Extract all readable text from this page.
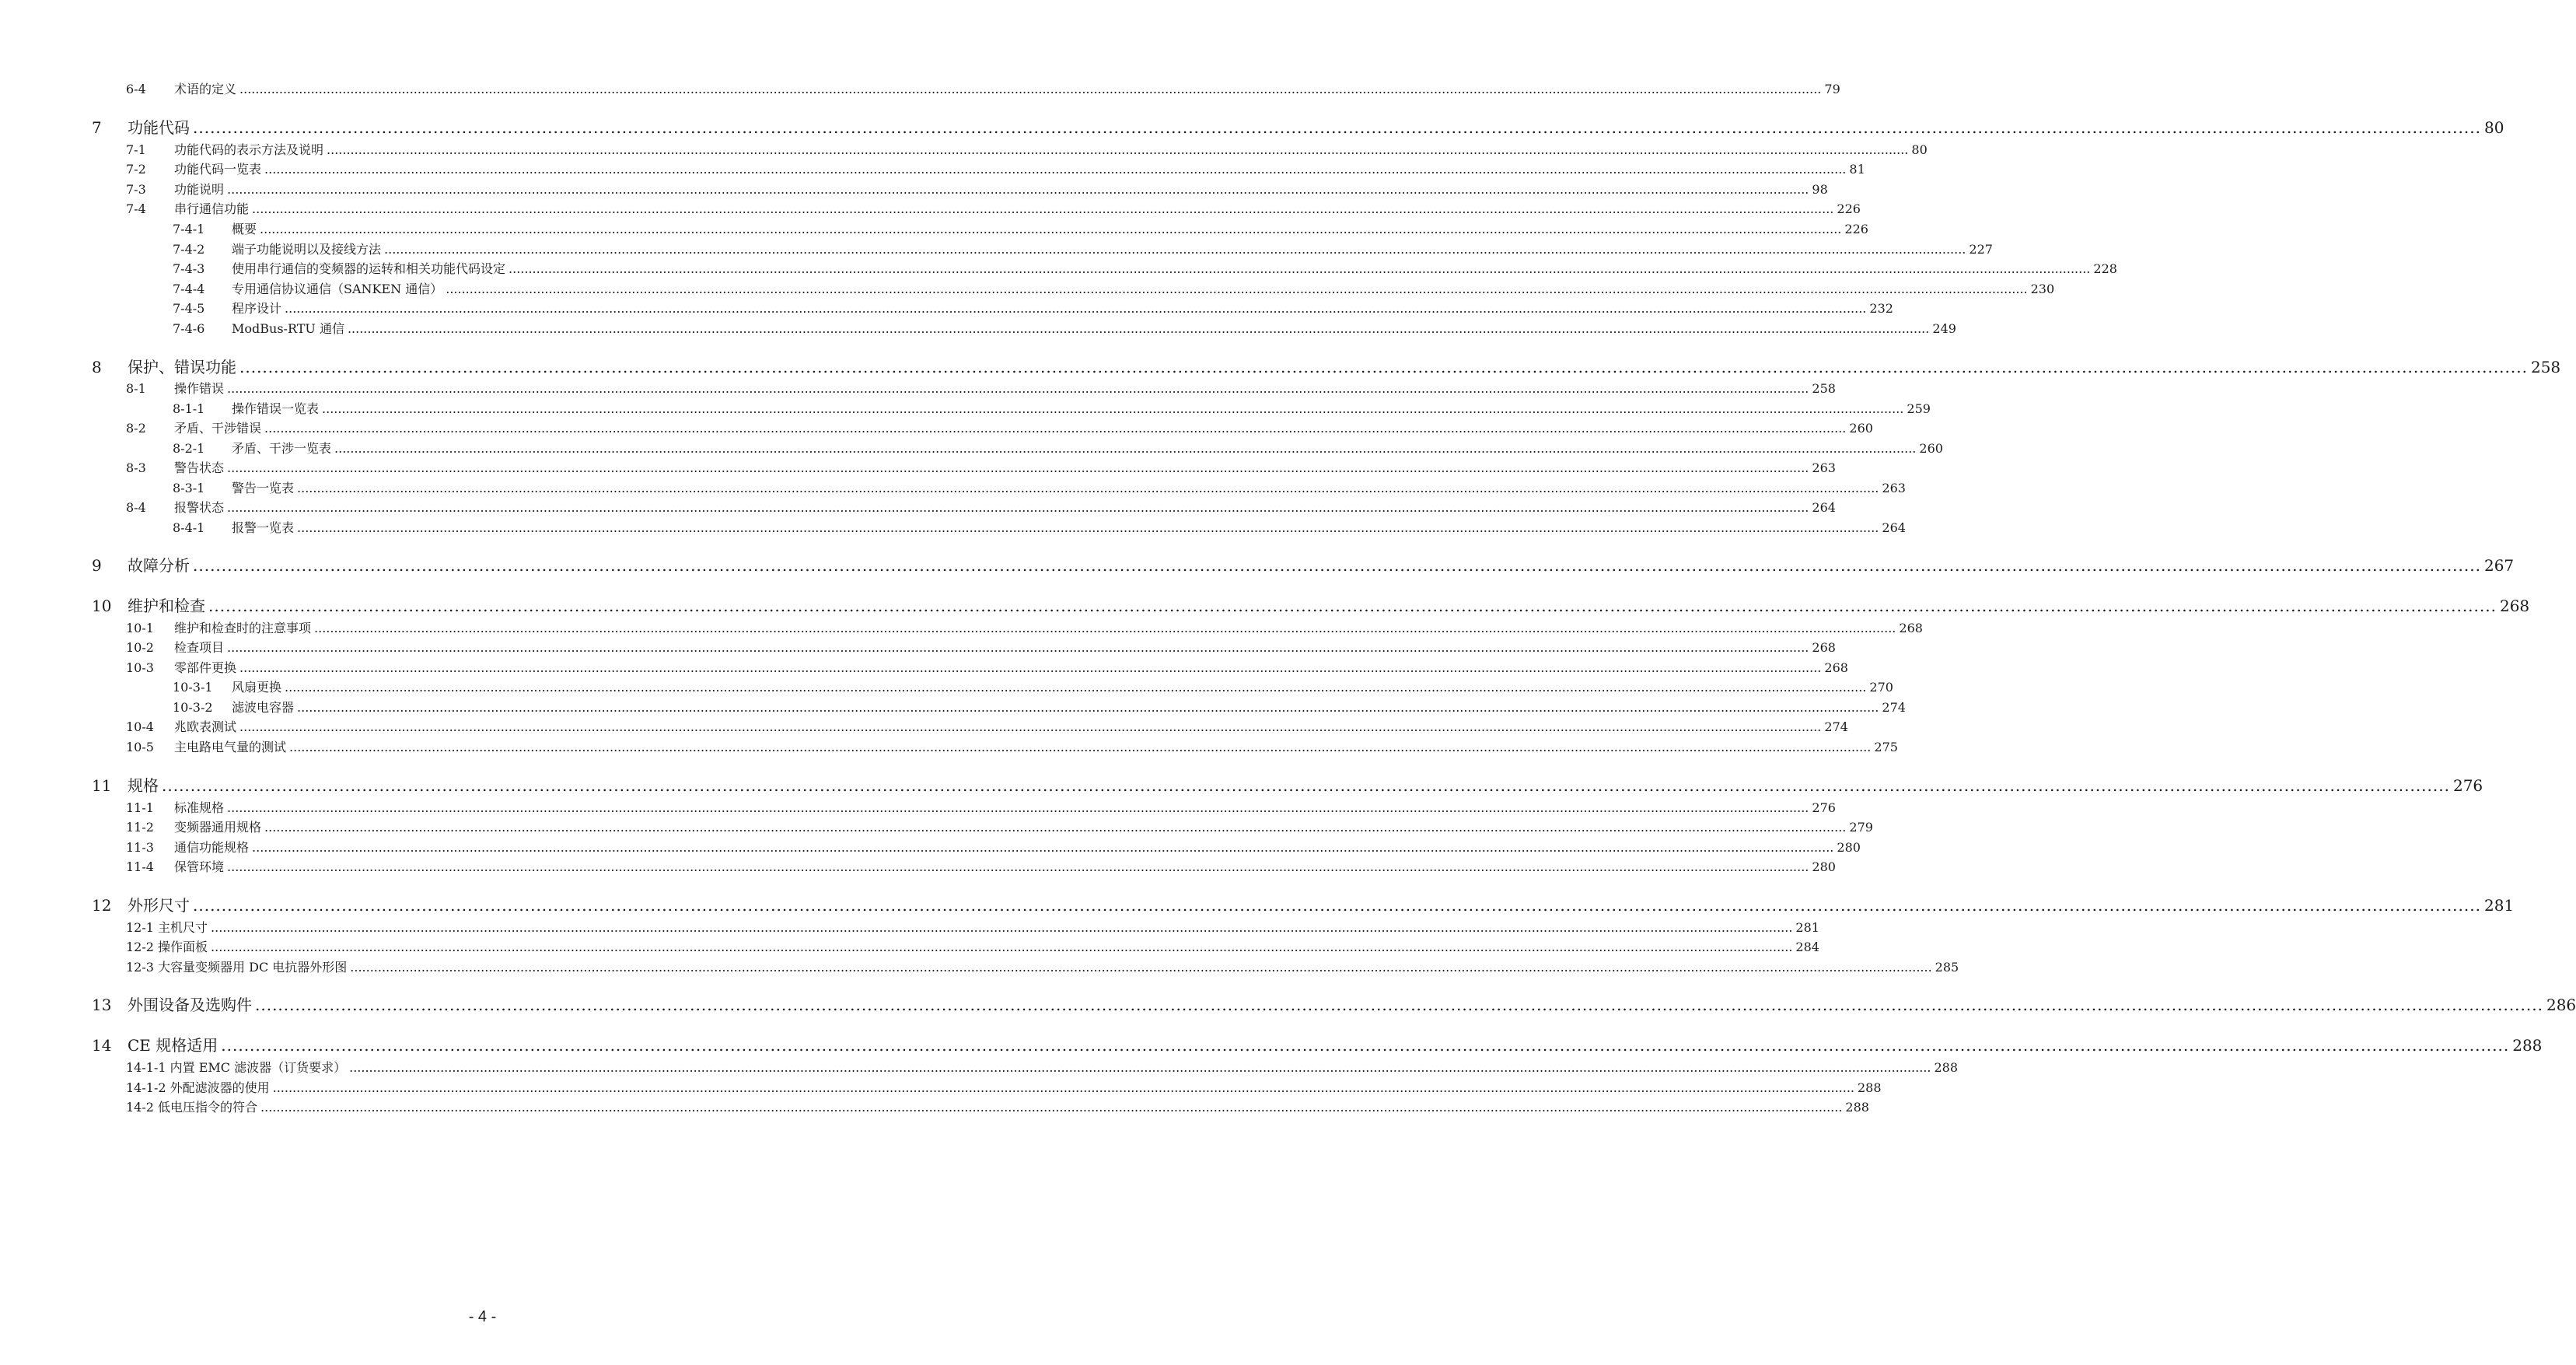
6-4	术语的定义 ................................................................................................................................................................................................................................................................................................................................................................................................................ 79
7	功能代码 ................................................................................................................................................................................................................................................................................................................................................................................................................ 80
7-1	功能代码的表示方法及说明 ................................................................................................................................................................................................................................................................................................................................................................................................................ 80
7-2	功能代码一览表 ................................................................................................................................................................................................................................................................................................................................................................................................................ 81
7-3	功能说明 ................................................................................................................................................................................................................................................................................................................................................................................................................ 98
7-4	串行通信功能 ................................................................................................................................................................................................................................................................................................................................................................................................................ 226
7-4-1	概要 ................................................................................................................................................................................................................................................................................................................................................................................................................ 226
7-4-2	端子功能说明以及接线方法 ................................................................................................................................................................................................................................................................................................................................................................................................................ 227
7-4-3	使用串行通信的变频器的运转和相关功能代码设定 ................................................................................................................................................................................................................................................................................................................................................................................................................ 228
7-4-4	专用通信协议通信（SANKEN 通信） ................................................................................................................................................................................................................................................................................................................................................................................................................ 230
7-4-5	程序设计 ................................................................................................................................................................................................................................................................................................................................................................................................................ 232
7-4-6	ModBus-RTU 通信 ................................................................................................................................................................................................................................................................................................................................................................................................................ 249
8	保护、错误功能 ................................................................................................................................................................................................................................................................................................................................................................................................................ 258
8-1	操作错误 ................................................................................................................................................................................................................................................................................................................................................................................................................ 258
8-1-1	操作错误一览表 ................................................................................................................................................................................................................................................................................................................................................................................................................ 259
8-2	矛盾、干涉错误 ................................................................................................................................................................................................................................................................................................................................................................................................................ 260
8-2-1	矛盾、干涉一览表 ................................................................................................................................................................................................................................................................................................................................................................................................................ 260
8-3	警告状态 ................................................................................................................................................................................................................................................................................................................................................................................................................ 263
8-3-1	警告一览表 ................................................................................................................................................................................................................................................................................................................................................................................................................ 263
8-4	报警状态 ................................................................................................................................................................................................................................................................................................................................................................................................................ 264
8-4-1	报警一览表 ................................................................................................................................................................................................................................................................................................................................................................................................................ 264
9	故障分析 ................................................................................................................................................................................................................................................................................................................................................................................................................ 267
10	维护和检查 ................................................................................................................................................................................................................................................................................................................................................................................................................ 268
10-1	维护和检查时的注意事项 ................................................................................................................................................................................................................................................................................................................................................................................................................ 268
10-2	检查项目 ................................................................................................................................................................................................................................................................................................................................................................................................................ 268
10-3	零部件更换 ................................................................................................................................................................................................................................................................................................................................................................................................................ 268
10-3-1	风扇更换 ................................................................................................................................................................................................................................................................................................................................................................................................................ 270
10-3-2	滤波电容器 ................................................................................................................................................................................................................................................................................................................................................................................................................ 274
10-4	兆欧表测试 ................................................................................................................................................................................................................................................................................................................................................................................................................ 274
10-5	主电路电气量的测试 ................................................................................................................................................................................................................................................................................................................................................................................................................ 275
11	规格 ................................................................................................................................................................................................................................................................................................................................................................................................................ 276
11-1	标准规格 ................................................................................................................................................................................................................................................................................................................................................................................................................ 276
11-2	变频器通用规格 ................................................................................................................................................................................................................................................................................................................................................................................................................ 279
11-3	通信功能规格 ................................................................................................................................................................................................................................................................................................................................................................................................................ 280
11-4	保管环境 ................................................................................................................................................................................................................................................................................................................................................................................................................ 280
12	外形尺寸 ................................................................................................................................................................................................................................................................................................................................................................................................................ 281
12-1 主机尺寸 ................................................................................................................................................................................................................................................................................................................................................................................................................ 281
12-2 操作面板 ................................................................................................................................................................................................................................................................................................................................................................................................................ 284
12-3 大容量变频器用 DC 电抗器外形图 ................................................................................................................................................................................................................................................................................................................................................................................................................ 285
13	外围设备及选购件 ................................................................................................................................................................................................................................................................................................................................................................................................................ 286
14	CE 规格适用 ................................................................................................................................................................................................................................................................................................................................................................................................................ 288
14-1-1 内置 EMC 滤波器（订货要求） ................................................................................................................................................................................................................................................................................................................................................................................................................ 288
14-1-2 外配滤波器的使用 ................................................................................................................................................................................................................................................................................................................................................................................................................ 288
14-2 低电压指令的符合 ................................................................................................................................................................................................................................................................................................................................................................................................................ 288
- 4 -
